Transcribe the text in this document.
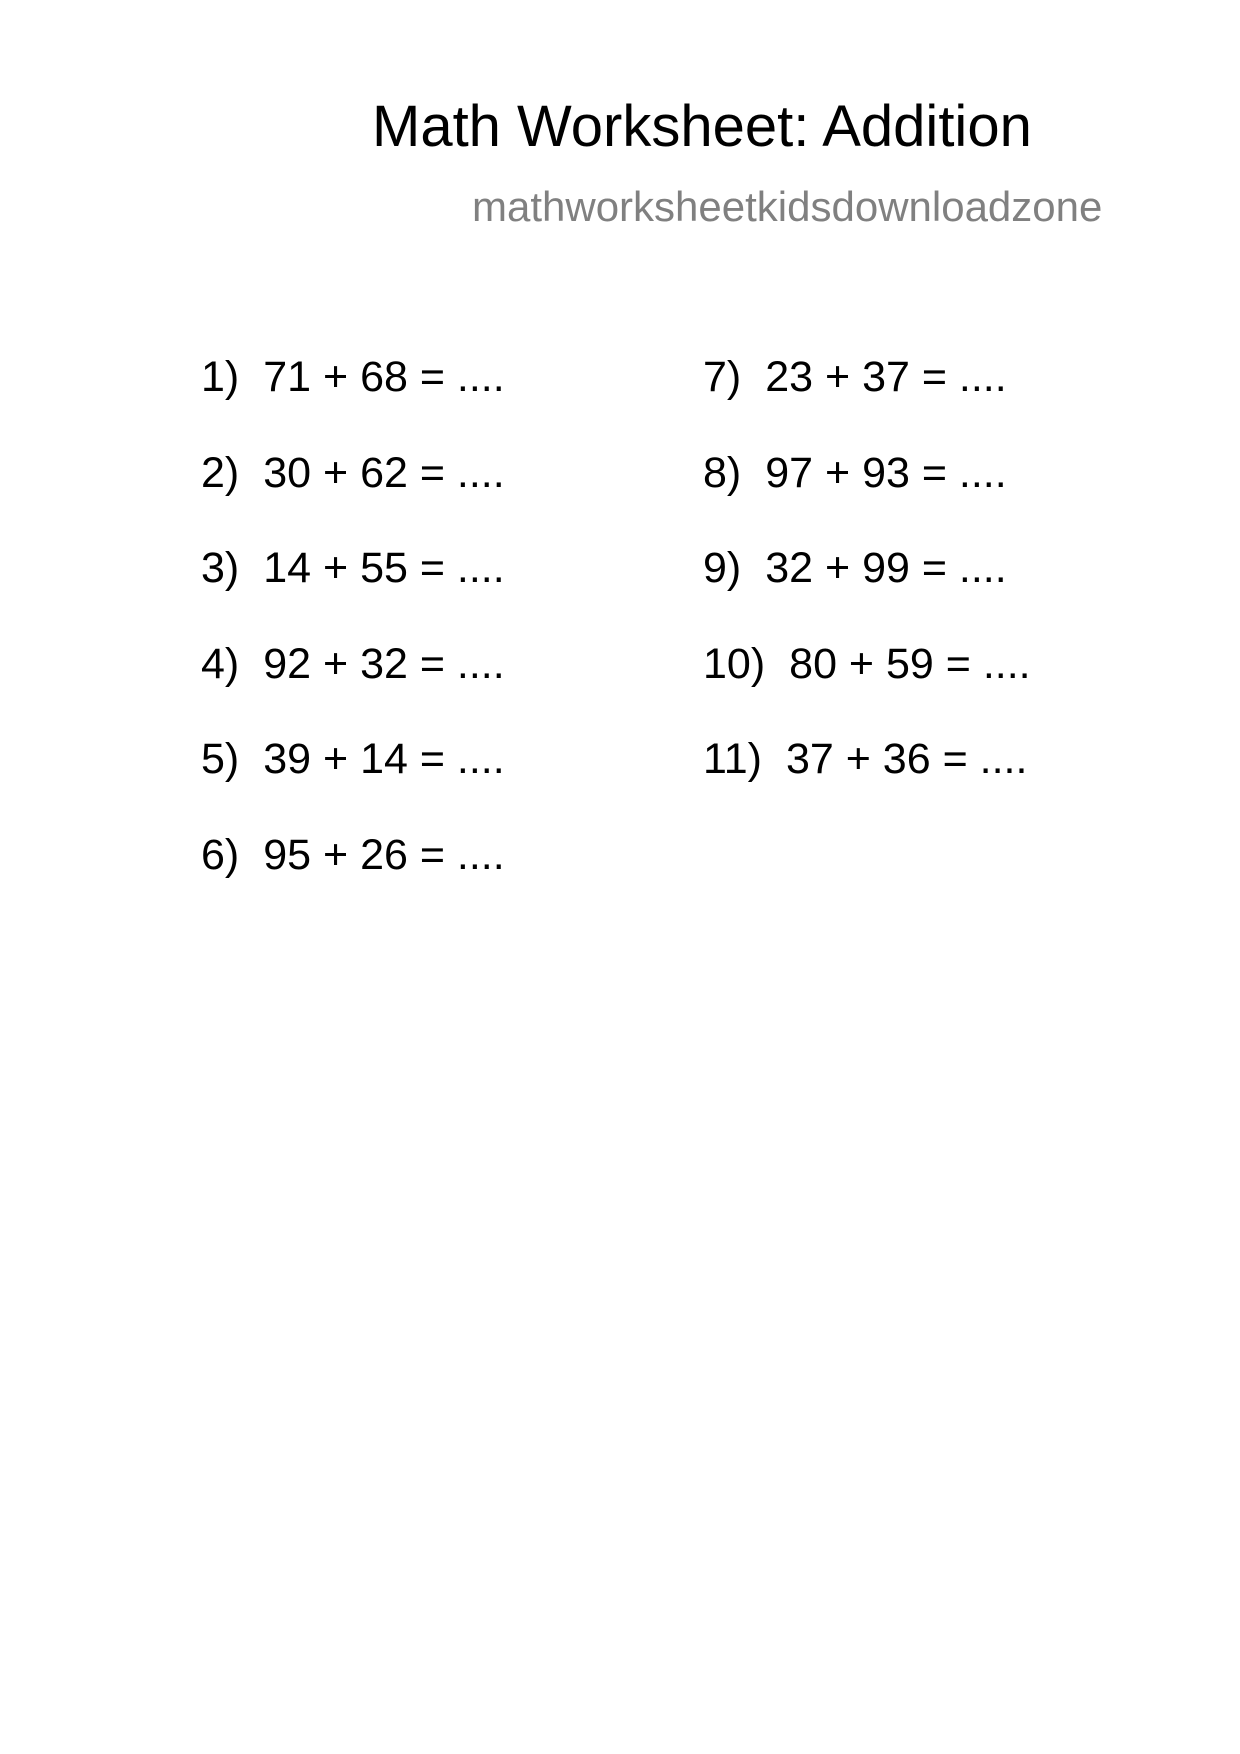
Math Worksheet: Addition
mathworksheetkidsdownloadzone
1) 71 + 68 = ....
2) 30 + 62 = ....
3) 14 + 55 = ....
4) 92 + 32 = ....
5) 39 + 14 = ....
6) 95 + 26 = ....
7) 23 + 37 = ....
8) 97 + 93 = ....
9) 32 + 99 = ....
10) 80 + 59 = ....
11) 37 + 36 = ....
